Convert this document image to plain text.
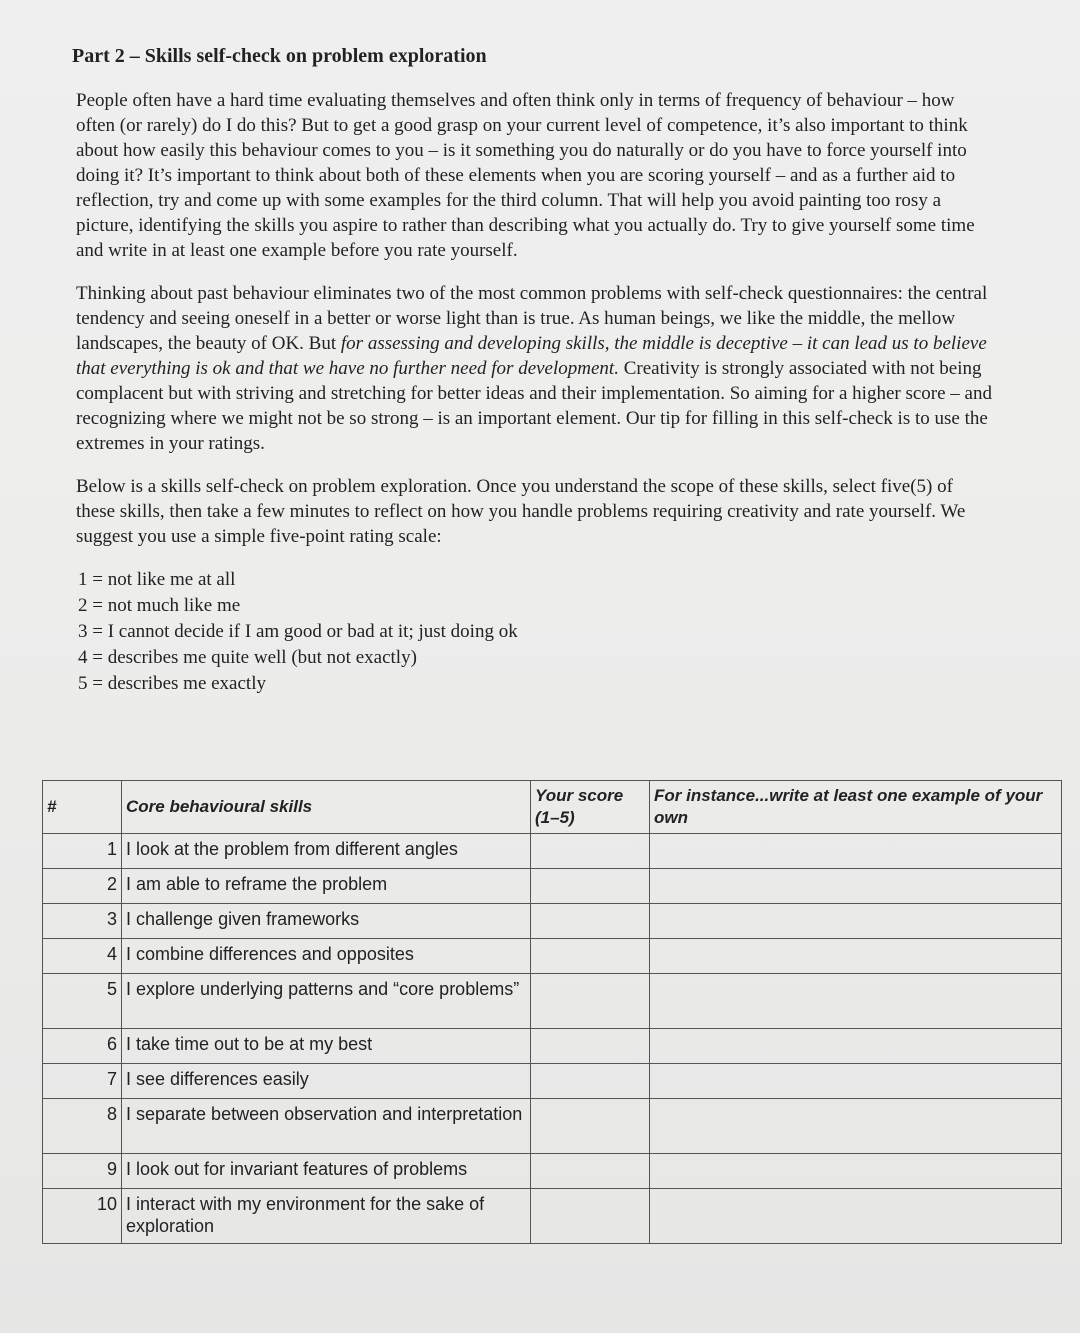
Part 2 – Skills self-check on problem exploration

People often have a hard time evaluating themselves and often think only in terms of frequency of behaviour – how often (or rarely) do I do this? But to get a good grasp on your current level of competence, it’s also important to think about how easily this behaviour comes to you – is it something you do naturally or do you have to force yourself into doing it? It’s important to think about both of these elements when you are scoring yourself – and as a further aid to reflection, try and come up with some examples for the third column. That will help you avoid painting too rosy a picture, identifying the skills you aspire to rather than describing what you actually do. Try to give yourself some time and write in at least one example before you rate yourself.

Thinking about past behaviour eliminates two of the most common problems with self-check questionnaires: the central tendency and seeing oneself in a better or worse light than is true. As human beings, we like the middle, the mellow landscapes, the beauty of OK. But for assessing and developing skills, the middle is deceptive – it can lead us to believe that everything is ok and that we have no further need for development. Creativity is strongly associated with not being complacent but with striving and stretching for better ideas and their implementation. So aiming for a higher score – and recognizing where we might not be so strong – is an important element. Our tip for filling in this self-check is to use the extremes in your ratings.

Below is a skills self-check on problem exploration. Once you understand the scope of these skills, select five(5) of these skills, then take a few minutes to reflect on how you handle problems requiring creativity and rate yourself. We suggest you use a simple five-point rating scale:

1 = not like me at all
2 = not much like me
3 = I cannot decide if I am good or bad at it; just doing ok
4 = describes me quite well (but not exactly)
5 = describes me exactly
#	Core behavioural skills	Your score (1–5)	For instance...write at least one example of your own
1	I look at the problem from different angles		
2	I am able to reframe the problem		
3	I challenge given frameworks		
4	I combine differences and opposites		
5	I explore underlying patterns and “core problems”		
6	I take time out to be at my best		
7	I see differences easily		
8	I separate between observation and interpretation		
9	I look out for invariant features of problems		
10	I interact with my environment for the sake of exploration		
